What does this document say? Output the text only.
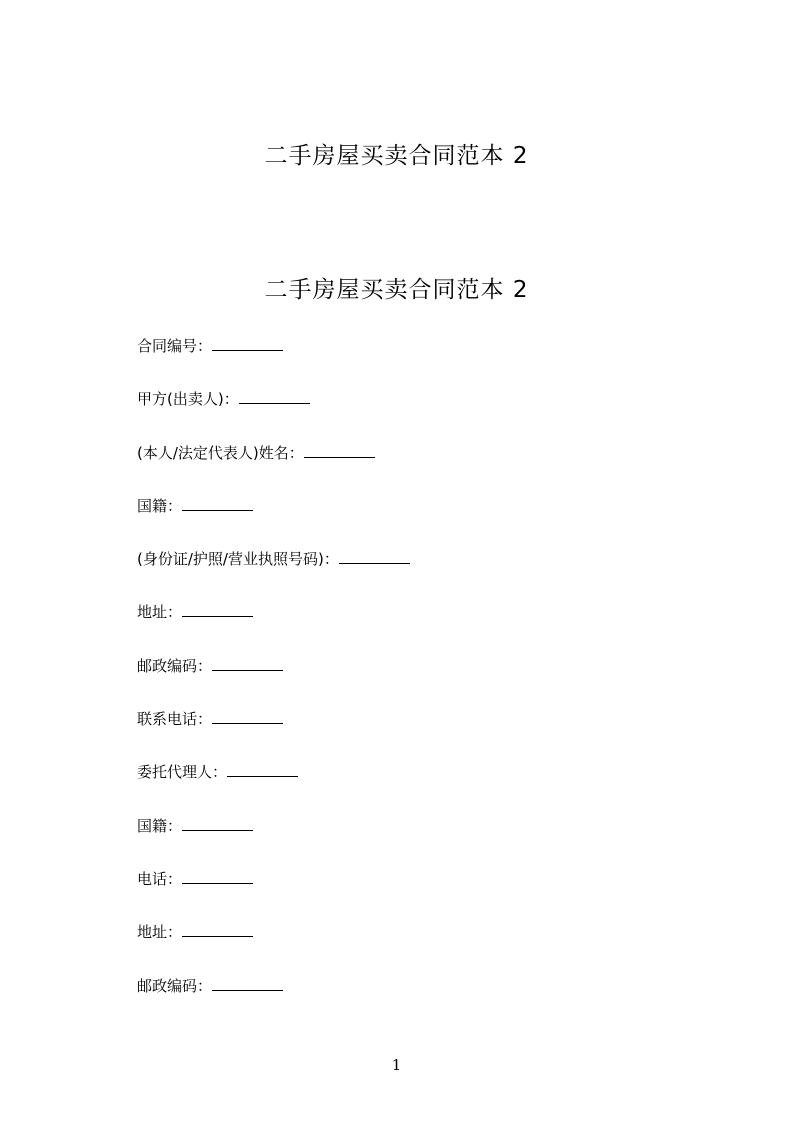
二手房屋买卖合同范本 2
二手房屋买卖合同范本 2
合同编号：
甲方(出卖人)：
(本人/法定代表人)姓名：
国籍：
(身份证/护照/营业执照号码)：
地址：
邮政编码：
联系电话：
委托代理人：
国籍：
电话：
地址：
邮政编码：
1
